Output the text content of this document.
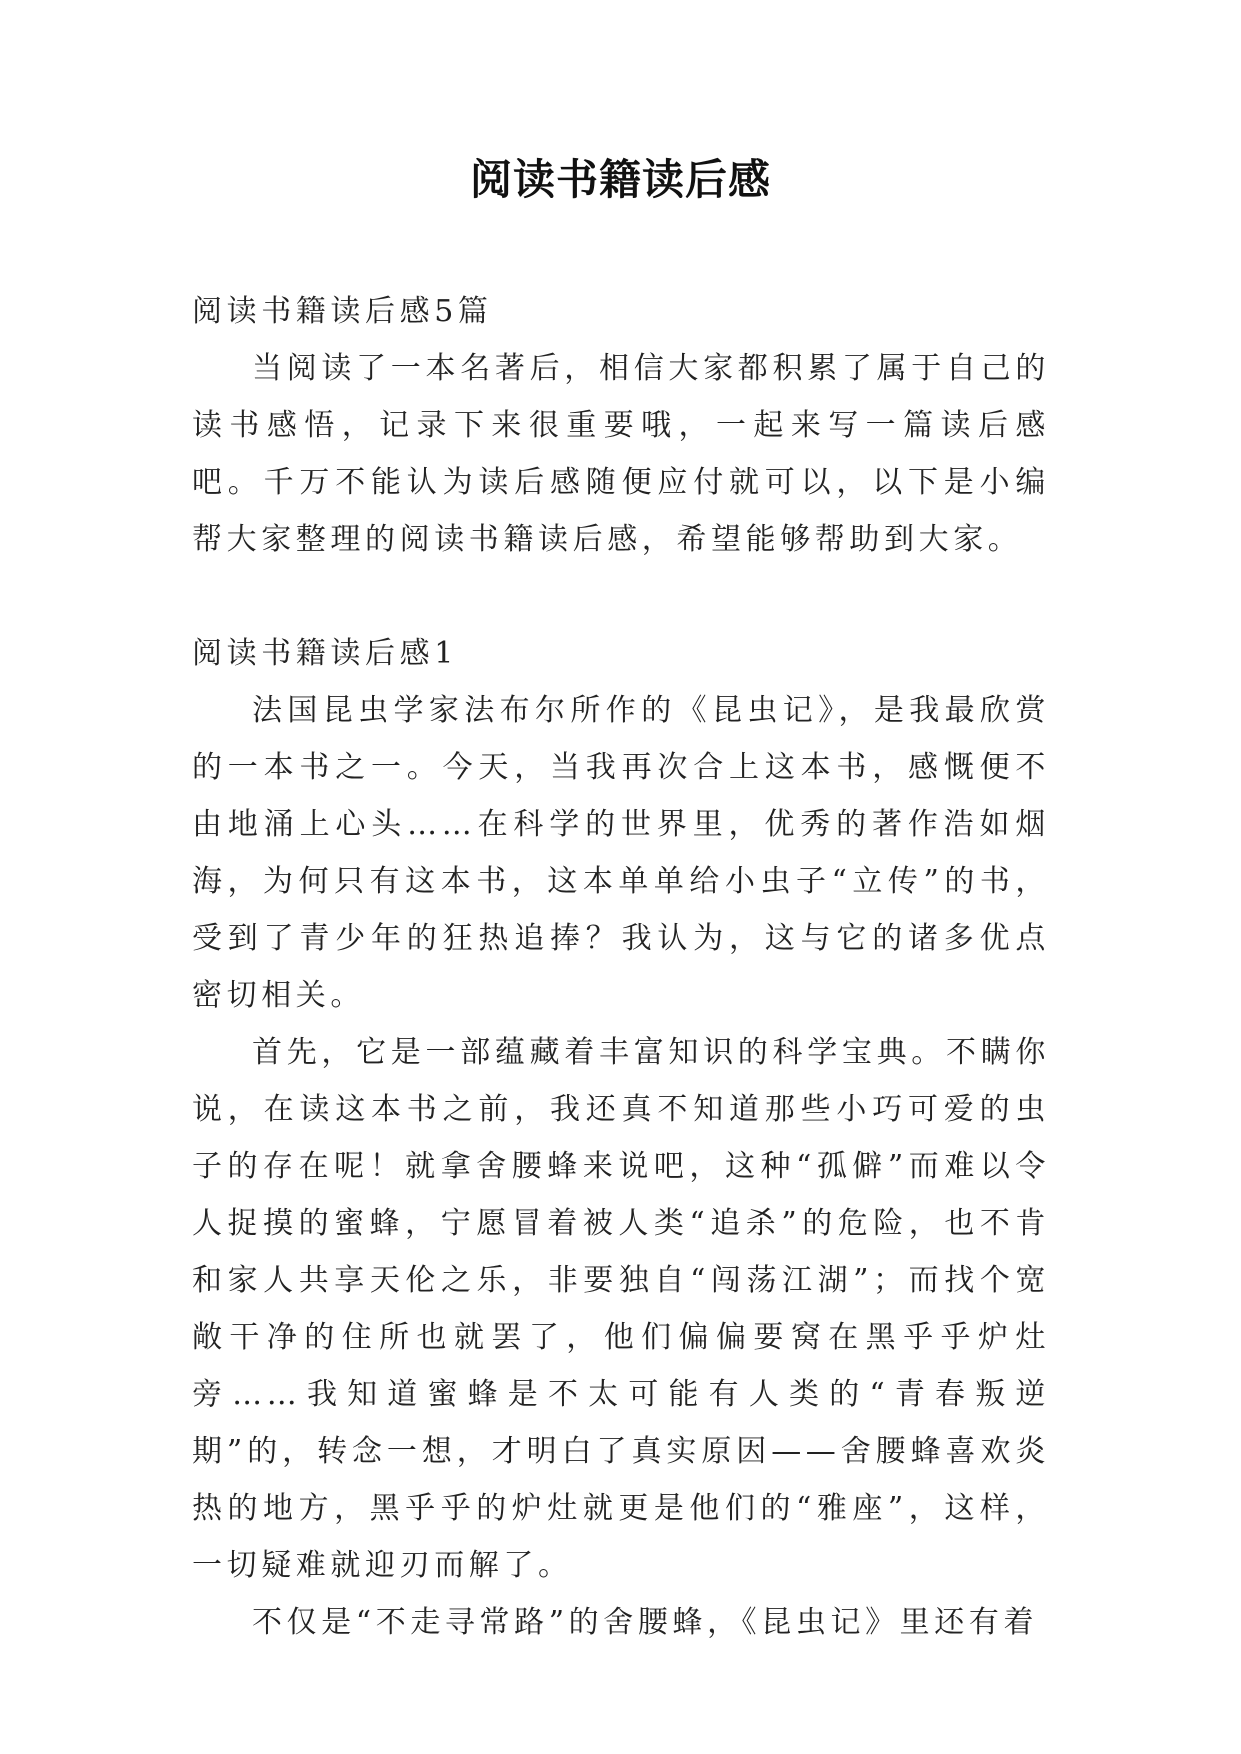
阅读书籍读后感

阅读书籍读后感5篇

当阅读了一本名著后，相信大家都积累了属于自己的读书感悟，记录下来很重要哦，一起来写一篇读后感吧。千万不能认为读后感随便应付就可以，以下是小编帮大家整理的阅读书籍读后感，希望能够帮助到大家。

阅读书籍读后感1

法国昆虫学家法布尔所作的《昆虫记》，是我最欣赏的一本书之一。今天，当我再次合上这本书，感慨便不由地涌上心头……在科学的世界里，优秀的著作浩如烟海，为何只有这本书，这本单单给小虫子“立传”的书，受到了青少年的狂热追捧？我认为，这与它的诸多优点密切相关。

首先，它是一部蕴藏着丰富知识的科学宝典。不瞒你说，在读这本书之前，我还真不知道那些小巧可爱的虫子的存在呢！就拿舍腰蜂来说吧，这种“孤僻”而难以令人捉摸的蜜蜂，宁愿冒着被人类“追杀”的危险，也不肯和家人共享天伦之乐，非要独自“闯荡江湖”；而找个宽敞干净的住所也就罢了，他们偏偏要窝在黑乎乎炉灶旁……我知道蜜蜂是不太可能有人类的“青春叛逆期”的，转念一想，才明白了真实原因——舍腰蜂喜欢炎热的地方，黑乎乎的炉灶就更是他们的“雅座”，这样，一切疑难就迎刃而解了。

不仅是“不走寻常路”的舍腰蜂，《昆虫记》里还有着
